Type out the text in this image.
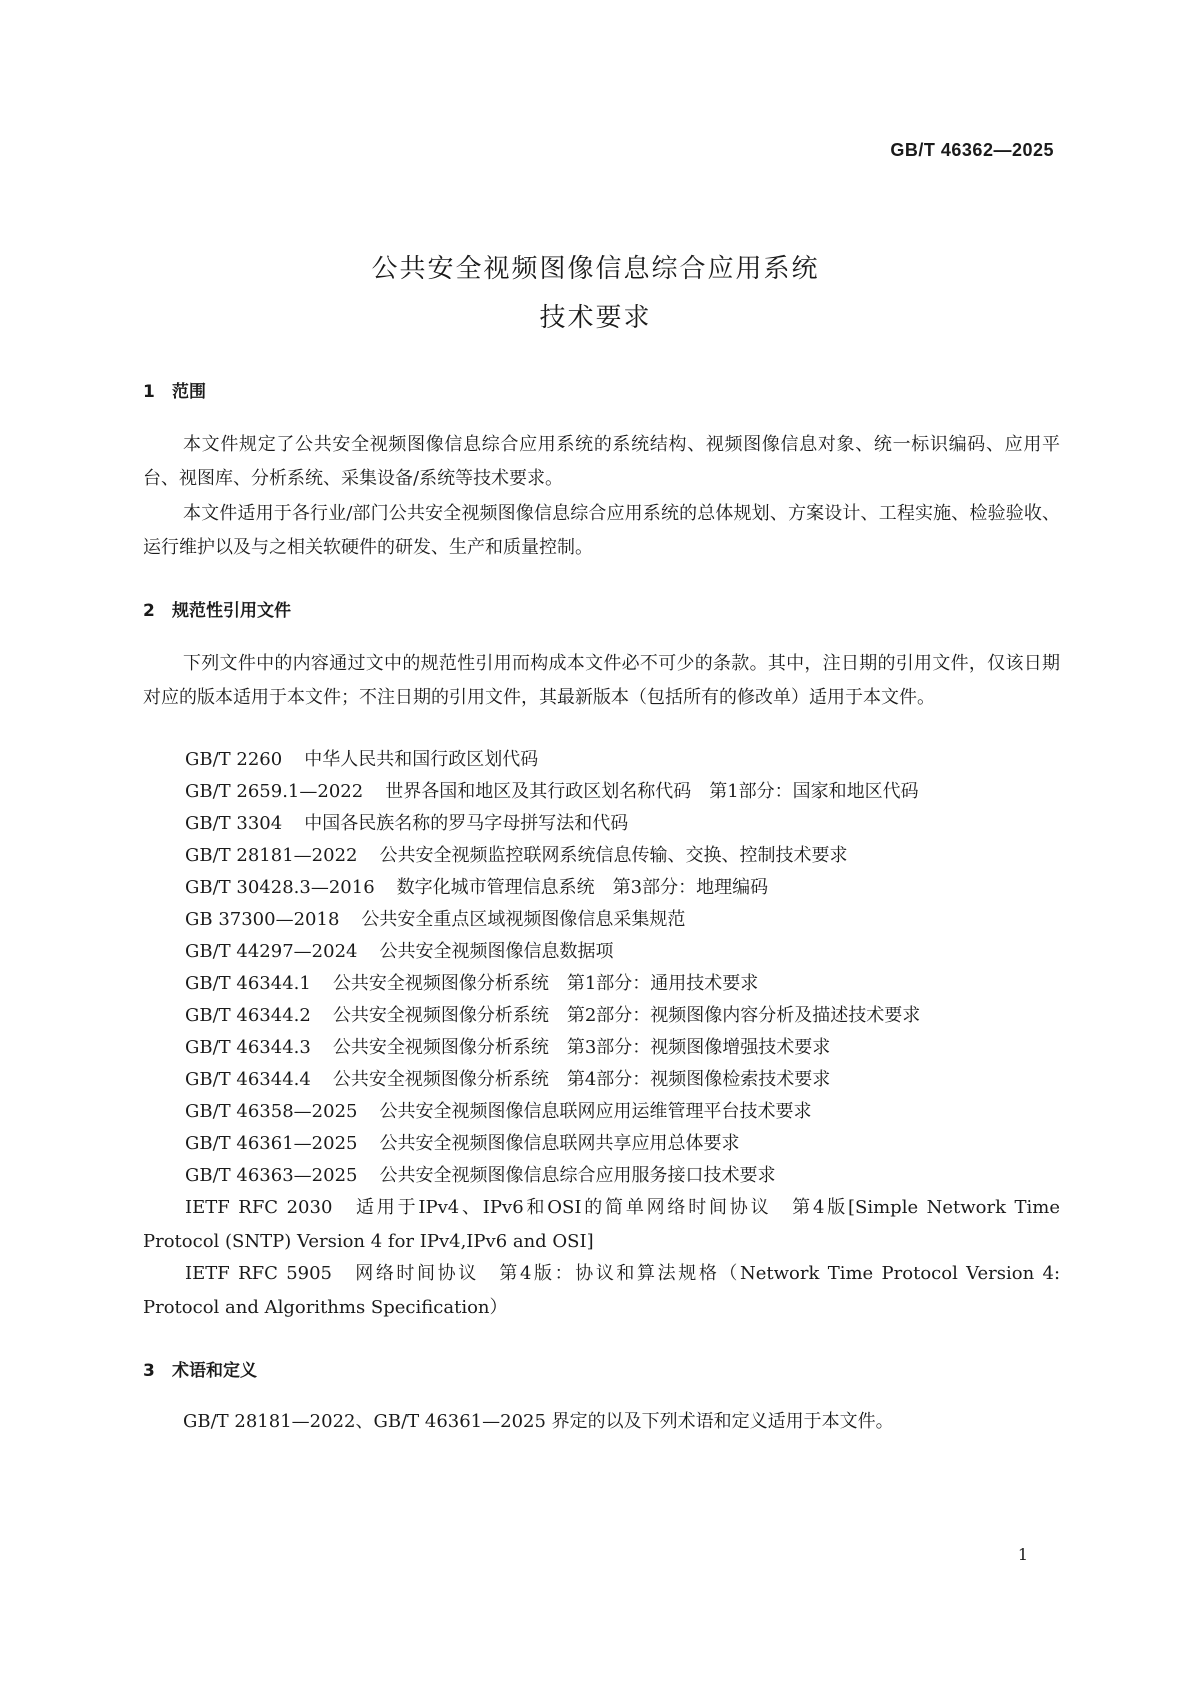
GB/T 46362—2025
公共安全视频图像信息综合应用系统
技术要求
1 范围

本文件规定了公共安全视频图像信息综合应用系统的系统结构、视频图像信息对象、统一标识编码、应用平台、视图库、分析系统、采集设备/系统等技术要求。

本文件适用于各行业/部门公共安全视频图像信息综合应用系统的总体规划、方案设计、工程实施、检验验收、运行维护以及与之相关软硬件的研发、生产和质量控制。

2 规范性引用文件

下列文件中的内容通过文中的规范性引用而构成本文件必不可少的条款。其中，注日期的引用文件，仅该日期对应的版本适用于本文件；不注日期的引用文件，其最新版本（包括所有的修改单）适用于本文件。

GB/T 2260 中华人民共和国行政区划代码
GB/T 2659.1—2022 世界各国和地区及其行政区划名称代码　第1部分：国家和地区代码
GB/T 3304 中国各民族名称的罗马字母拼写法和代码
GB/T 28181—2022 公共安全视频监控联网系统信息传输、交换、控制技术要求
GB/T 30428.3—2016 数字化城市管理信息系统　第3部分：地理编码
GB 37300—2018 公共安全重点区域视频图像信息采集规范
GB/T 44297—2024 公共安全视频图像信息数据项
GB/T 46344.1 公共安全视频图像分析系统　第1部分：通用技术要求
GB/T 46344.2 公共安全视频图像分析系统　第2部分：视频图像内容分析及描述技术要求
GB/T 46344.3 公共安全视频图像分析系统　第3部分：视频图像增强技术要求
GB/T 46344.4 公共安全视频图像分析系统　第4部分：视频图像检索技术要求
GB/T 46358—2025 公共安全视频图像信息联网应用运维管理平台技术要求
GB/T 46361—2025 公共安全视频图像信息联网共享应用总体要求
GB/T 46363—2025 公共安全视频图像信息综合应用服务接口技术要求

IETF RFC 2030　 适用于IPv4、IPv6和OSI的简单网络时间协议　第4版[Simple Network Time Protocol (SNTP) Version 4 for IPv4,IPv6 and OSI]

IETF RFC 5905　 网络时间协议　第4版：协议和算法规格（Network Time Protocol Version 4: Protocol and Algorithms Specification）

3 术语和定义

GB/T 28181—2022、GB/T 46361—2025 界定的以及下列术语和定义适用于本文件。

1
